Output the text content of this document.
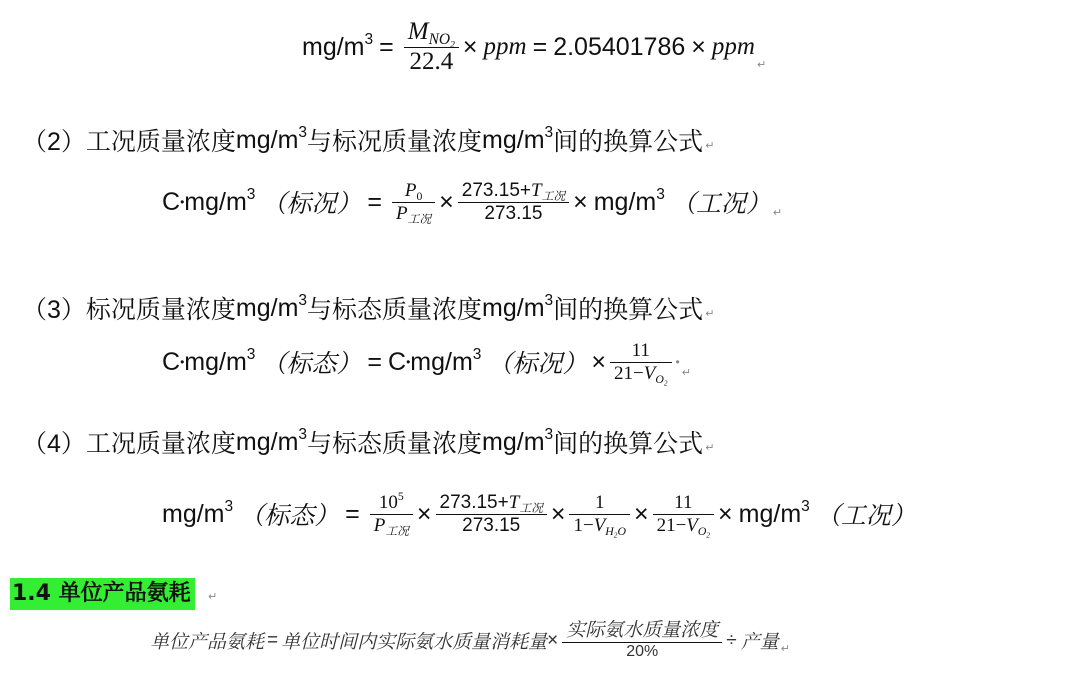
$mg/m^3 = \frac{M_{NO_2}}{22.4}$ × ppm = 2.05401786 × ppm
↵
（2）工况质量浓度 $mg/m^3$ 与标况质量浓度 $mg/m^3$ 间的换算公式 ↵
C • $mg/m^3$ （标况） = $\frac{P_0}{P_{工况}} \times \frac{273.15+T_{工况}}{273.15} \times mg/m^3$ （工况） ↵
（3）标况质量浓度 $mg/m^3$ 与标态质量浓度 $mg/m^3$ 间的换算公式 ↵
C • $mg/m^3$ （标态） = C • $mg/m^3$ （标况） × $\frac{11}{21-V_{O_2}}$ •
↵
（4）工况质量浓度 $mg/m^3$ 与标态质量浓度 $mg/m^3$ 间的换算公式 ↵
$mg/m^3$ （标态） = $\frac{10^5}{P_{工况}} \times \frac{273.15+T_{工况}}{273.15} \times \frac{1}{1-V_{H_2O}} \times \frac{11}{21-V_{O_2}} \times mg/m^3$ （工况）
1.4 单位产品氨耗	↵
单位产品氨耗 = 单位时间内实际氨水质量消耗量 × $\frac{\text{实际氨水质量浓度}}{20\%}$ ÷ 产量 ↵
